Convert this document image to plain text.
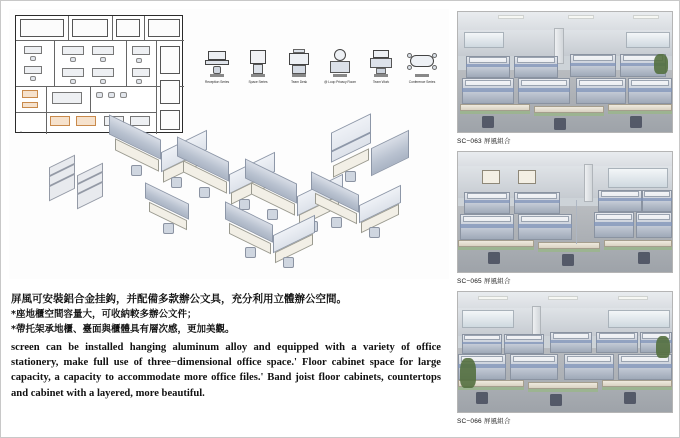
A
Reception Series	Space Series	Team Desk	@ Loop Privacy Room	Team Work	Conference Series

屏風可安裝鋁合金挂鈎，并配備多款辦公文具，充分利用立體辦公空間。

*座地櫃空間容量大，可收納較多辦公文件；

*帶托架承地櫃、臺面與櫃體具有層次感，更加美觀。

screen can be installed hanging aluminum alloy and equipped with a variety of office stationery, make full use of three−dimensional office space.' Floor cabinet space for large capacity, a capacity to accommodate more office files.' Band joist floor cabinets, countertops and cabinet with a layered, more beautiful.

SC−063 屏風組合
SC−065 屏風組合
SC−066 屏風組合
